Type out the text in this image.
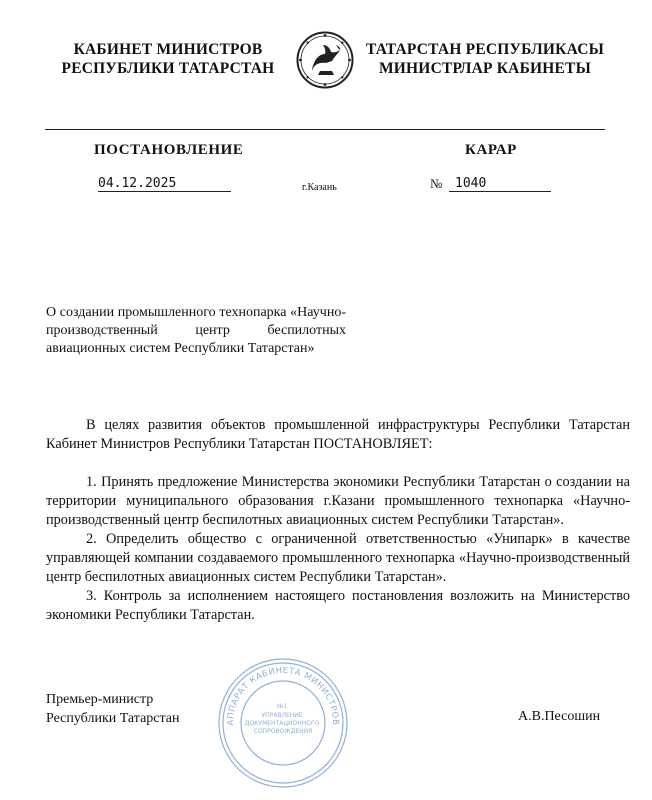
КАБИНЕТ МИНИСТРОВ
РЕСПУБЛИКИ ТАТАРСТАН
ТАТАРСТАН РЕСПУБЛИКАСЫ
МИНИСТРЛАР КАБИНЕТЫ
ПОСТАНОВЛЕНИЕ	КАРАР
04.12.2025	г.Казань	№ 1040
О создании промышленного технопарка «Научно-производственный центр беспилотных авиационных систем Республики Татарстан»

В целях развития объектов промышленной инфраструктуры Республики Татарстан Кабинет Министров Республики Татарстан ПОСТАНОВЛЯЕТ:

1. Принять предложение Министерства экономики Республики Татарстан о создании на территории муниципального образования г.Казани промышленного технопарка «Научно-производственный центр беспилотных авиационных систем Республики Татарстан».

2. Определить общество с ограниченной ответственностью «Унипарк» в качестве управляющей компании создаваемого промышленного технопарка «Научно-производственный центр беспилотных авиационных систем Республики Татарстан».

3. Контроль за исполнением настоящего постановления возложить на Министерство экономики Республики Татарстан.

АППАРАТ КАБИНЕТА МИНИСТРОВ
№1 УПРАВЛЕНИЕ ДОКУМЕНТАЦИОННОГО СОПРОВОЖДЕНИЯ
Премьер-министр
Республики Татарстан	А.В.Песошин
